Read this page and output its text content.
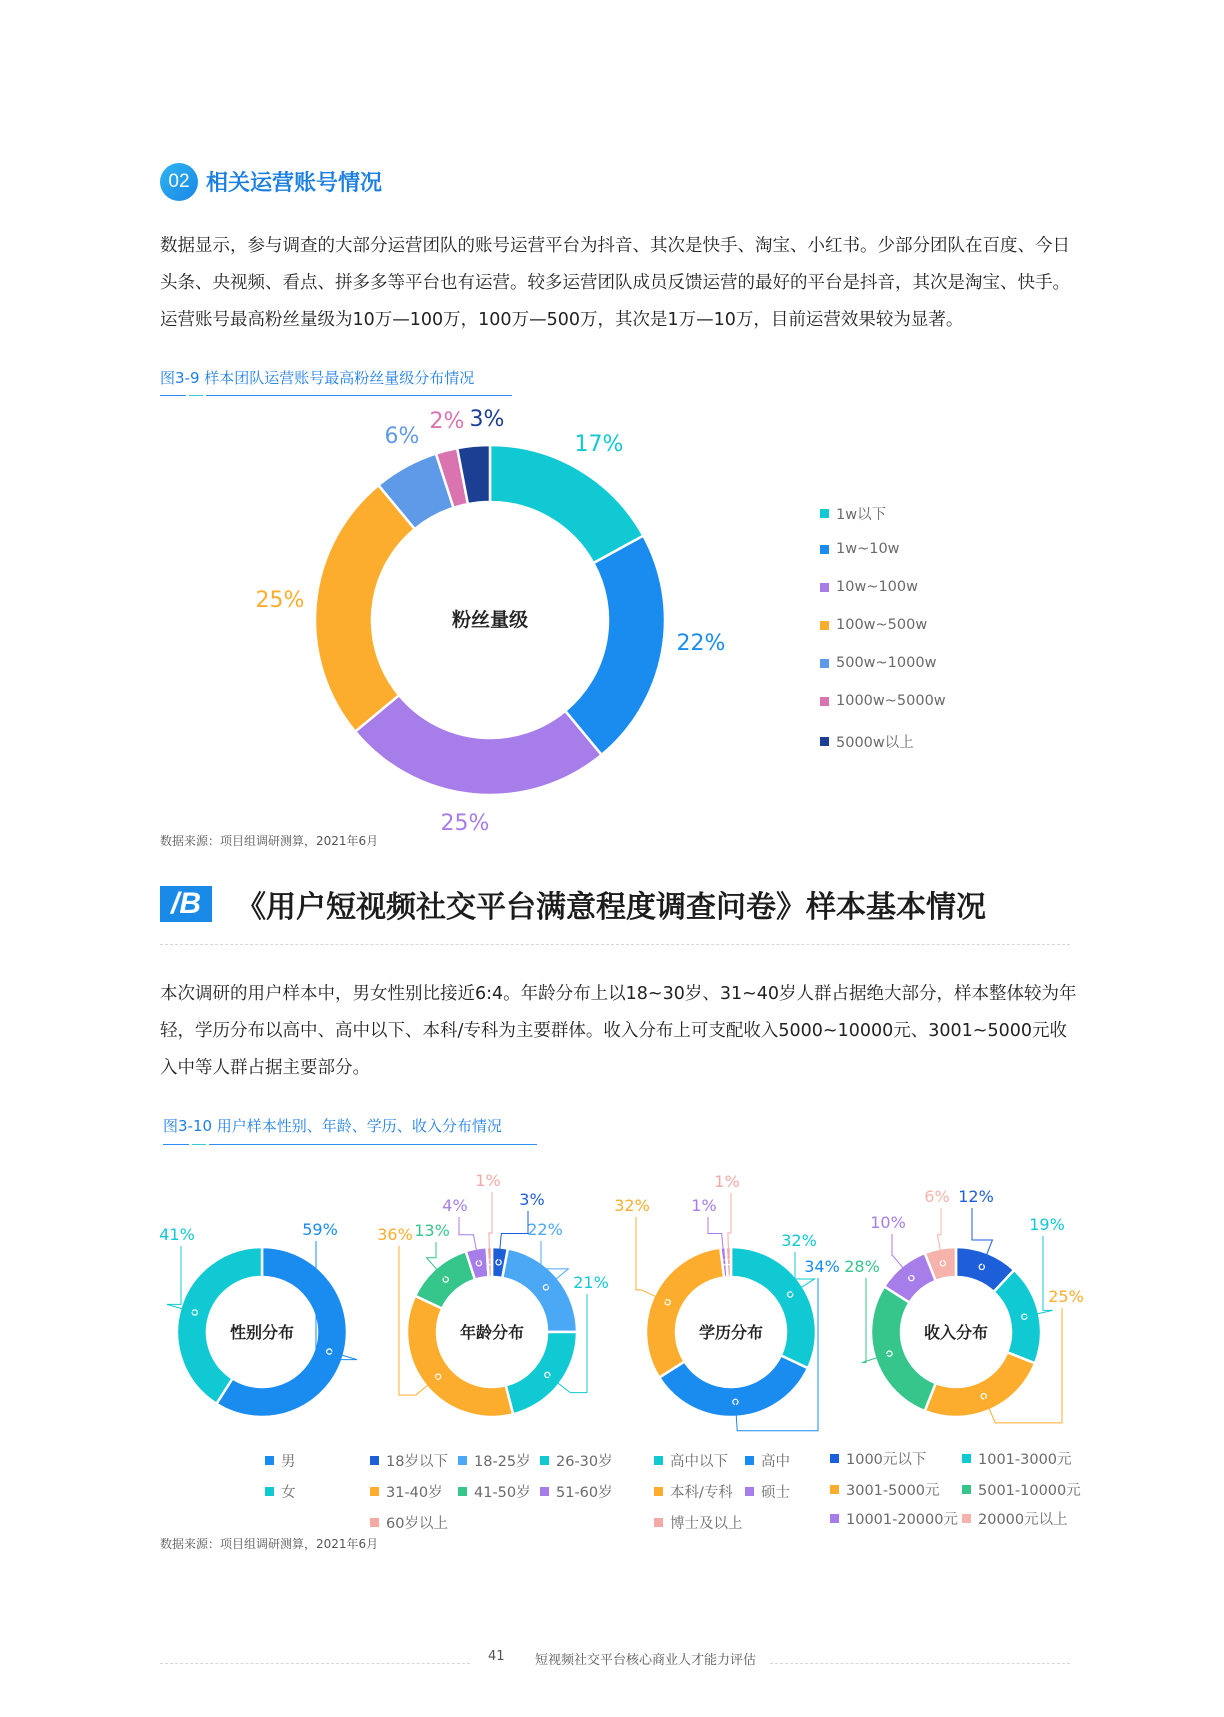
02 相关运营账号情况
数据显示，参与调查的大部分运营团队的账号运营平台为抖音、其次是快手、淘宝、小红书。少部分团队在百度、今日头条、央视频、看点、拼多多等平台也有运营。较多运营团队成员反馈运营的最好的平台是抖音，其次是淘宝、快手。运营账号最高粉丝量级为10万—100万，100万—500万，其次是1万—10万，目前运营效果较为显著。
图3-9 样本团队运营账号最高粉丝量级分布情况
粉丝量级
17%
22%
25%
25%
6%
2% 3%
1w以下
1w~10w
10w~100w
100w~500w
500w~1000w
1000w~5000w
5000w以上
数据来源：项目组调研测算，2021年6月
/B	《用户短视频社交平台满意程度调查问卷》样本基本情况
本次调研的用户样本中，男女性别比接近6:4。年龄分布上以18~30岁、31~40岁人群占据绝大部分，样本整体较为年轻，学历分布以高中、高中以下、本科/专科为主要群体。收入分布上可支配收入5000~10000元、3001~5000元收入中等人群占据主要部分。
图3-10 用户样本性别、年龄、学历、收入分布情况
性别分布
59%
41%
年龄分布
3%
22%
21%
36% 13%
4%
1%
学历分布
32%
34%
32%	1%
1%
收入分布
12%
19%
25%
28%
10%
6%
男
女
18岁以下 18-25岁 26-30岁
31-40岁 41-50岁 51-60岁
60岁以上
高中以下 高中
本科/专科 硕士
博士及以上
1000元以下	1001-3000元
3001-5000元	5001-10000元
10001-20000元 20000元以上
数据来源：项目组调研测算，2021年6月
41 短视频社交平台核心商业人才能力评估
